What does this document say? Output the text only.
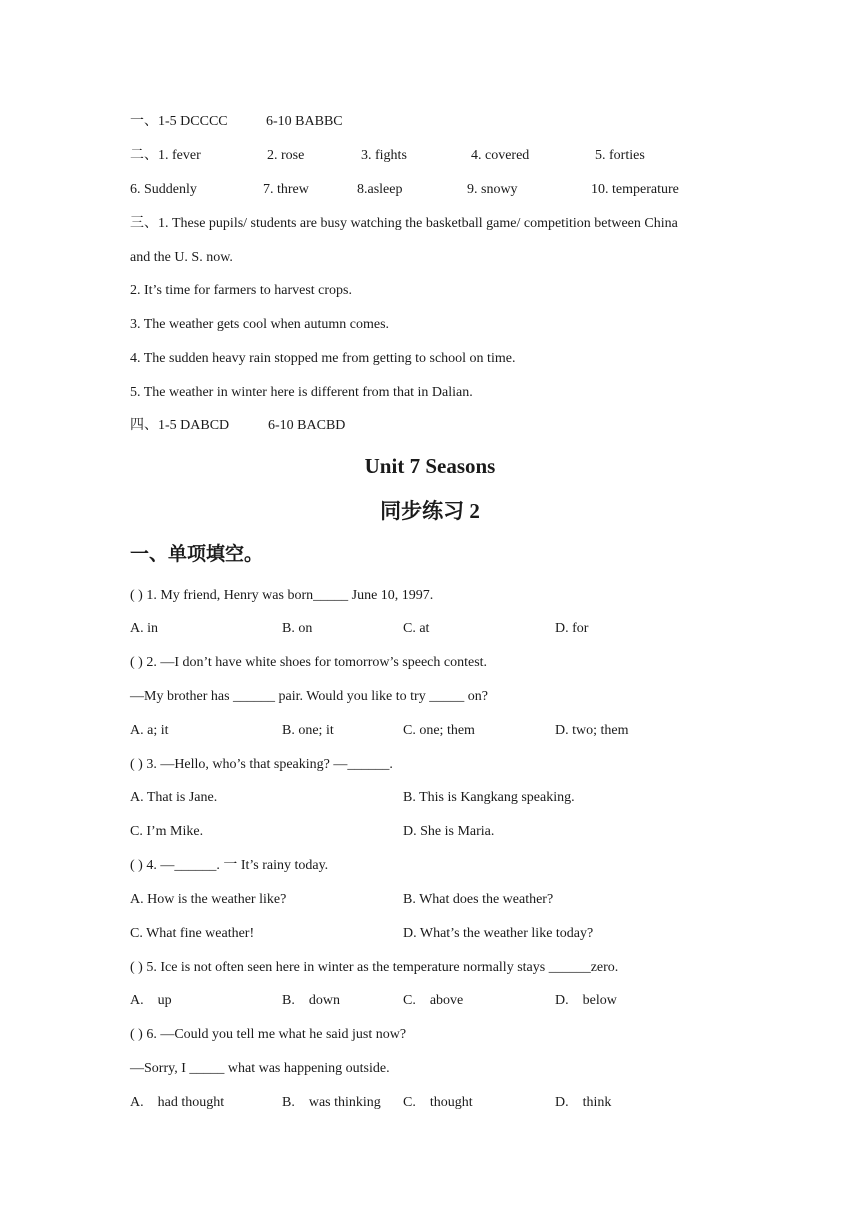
一、1-5 DCCCC	6-10 BABBC
二、1. fever	2. rose	3. fights	4. covered	5. forties
6. Suddenly	7. threw	8.asleep	9. snowy	10. temperature
三、1. These pupils/ students are busy watching the basketball game/ competition between China
and the U. S. now.
2. It’s time for farmers to harvest crops.
3. The weather gets cool when autumn comes.
4. The sudden heavy rain stopped me from getting to school on time.
5. The weather in winter here is different from that in Dalian.
四、1-5 DABCD	6-10 BACBD
Unit 7 Seasons
同步练习 2
一、单项填空。
( ) 1. My friend, Henry was born_____ June 10, 1997.
A. in	B. on	C. at	D. for
( ) 2. —I don’t have white shoes for tomorrow’s speech contest.
—My brother has ______ pair. Would you like to try _____ on?
A. a; it	B. one; it	C. one; them	D. two; them
( ) 3. —Hello, who’s that speaking? —______.
A. That is Jane.	B. This is Kangkang speaking.
C. I’m Mike.	D. She is Maria.
( ) 4. —______. 一 It’s rainy today.
A. How is the weather like?	B. What does the weather?
C. What fine weather!	D. What’s the weather like today?
( ) 5. Ice is not often seen here in winter as the temperature normally stays ______zero.
A.    up	B.    down	C.    above	D.    below
( ) 6. —Could you tell me what he said just now?
—Sorry, I _____ what was happening outside.
A.    had thought	B.    was thinking C.    thought	D.    think
